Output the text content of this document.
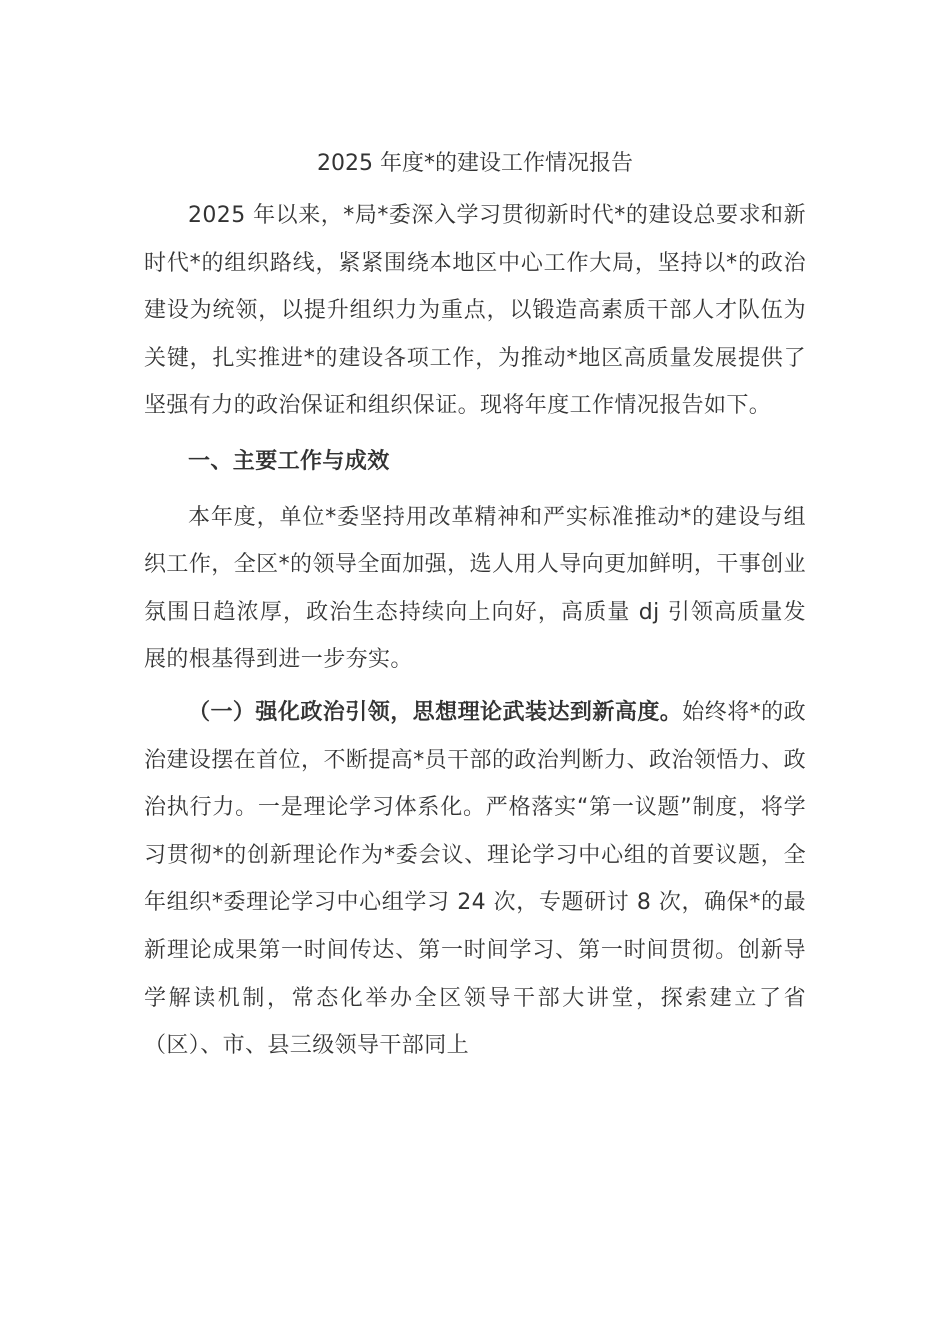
2025 年度*的建设工作情况报告

2025 年以来，*局*委深入学习贯彻新时代*的建设总要求和新时代*的组织路线，紧紧围绕本地区中心工作大局，坚持以*的政治建设为统领，以提升组织力为重点，以锻造高素质干部人才队伍为关键，扎实推进*的建设各项工作，为推动*地区高质量发展提供了坚强有力的政治保证和组织保证。现将年度工作情况报告如下。

一、主要工作与成效

本年度，单位*委坚持用改革精神和严实标准推动*的建设与组织工作，全区*的领导全面加强，选人用人导向更加鲜明，干事创业氛围日趋浓厚，政治生态持续向上向好，高质量 dj 引领高质量发展的根基得到进一步夯实。

（一）强化政治引领，思想理论武装达到新高度。始终将*的政治建设摆在首位，不断提高*员干部的政治判断力、政治领悟力、政治执行力。一是理论学习体系化。严格落实“第一议题”制度，将学习贯彻*的创新理论作为*委会议、理论学习中心组的首要议题，全年组织*委理论学习中心组学习 24 次，专题研讨 8 次，确保*的最新理论成果第一时间传达、第一时间学习、第一时间贯彻。创新导学解读机制，常态化举办全区领导干部大讲堂，探索建立了省（区）、市、县三级领导干部同上
